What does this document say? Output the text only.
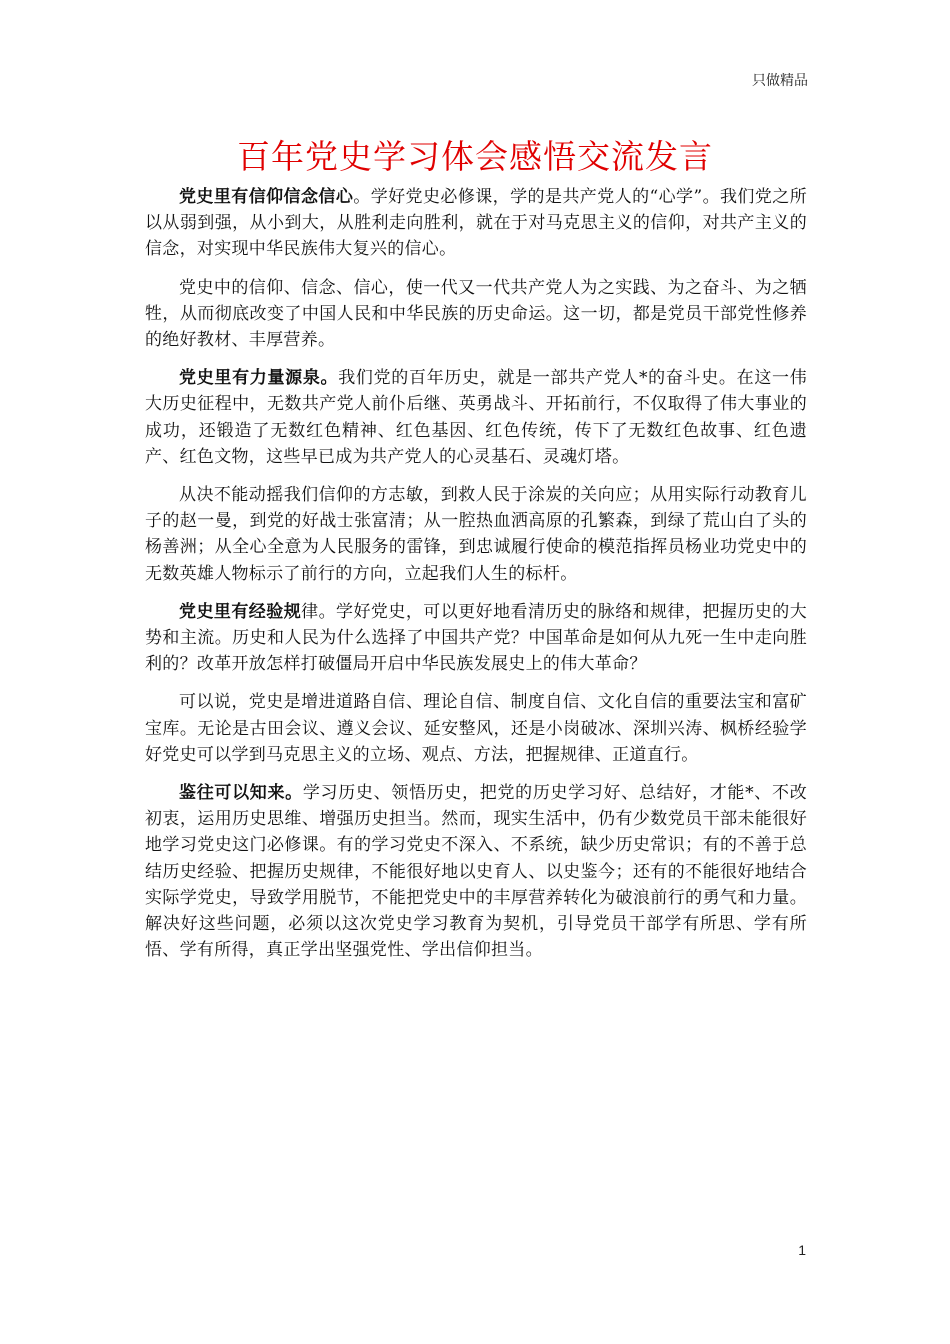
只做精品
百年党史学习体会感悟交流发言

党史里有信仰信念信心。学好党史必修课，学的是共产党人的“心学”。我们党之所以从弱到强，从小到大，从胜利走向胜利，就在于对马克思主义的信仰，对共产主义的信念，对实现中华民族伟大复兴的信心。

党史中的信仰、信念、信心，使一代又一代共产党人为之实践、为之奋斗、为之牺牲，从而彻底改变了中国人民和中华民族的历史命运。这一切，都是党员干部党性修养的绝好教材、丰厚营养。

党史里有力量源泉。我们党的百年历史，就是一部共产党人*的奋斗史。在这一伟大历史征程中，无数共产党人前仆后继、英勇战斗、开拓前行，不仅取得了伟大事业的成功，还锻造了无数红色精神、红色基因、红色传统，传下了无数红色故事、红色遗产、红色文物，这些早已成为共产党人的心灵基石、灵魂灯塔。

从决不能动摇我们信仰的方志敏，到救人民于涂炭的关向应；从用实际行动教育儿子的赵一曼，到党的好战士张富清；从一腔热血洒高原的孔繁森，到绿了荒山白了头的杨善洲；从全心全意为人民服务的雷锋，到忠诚履行使命的模范指挥员杨业功党史中的无数英雄人物标示了前行的方向，立起我们人生的标杆。

党史里有经验规律。学好党史，可以更好地看清历史的脉络和规律，把握历史的大势和主流。历史和人民为什么选择了中国共产党？中国革命是如何从九死一生中走向胜利的？改革开放怎样打破僵局开启中华民族发展史上的伟大革命？

可以说，党史是增进道路自信、理论自信、制度自信、文化自信的重要法宝和富矿宝库。无论是古田会议、遵义会议、延安整风，还是小岗破冰、深圳兴涛、枫桥经验学好党史可以学到马克思主义的立场、观点、方法，把握规律、正道直行。

鉴往可以知来。学习历史、领悟历史，把党的历史学习好、总结好，才能*、不改初衷，运用历史思维、增强历史担当。然而，现实生活中，仍有少数党员干部未能很好地学习党史这门必修课。有的学习党史不深入、不系统，缺少历史常识；有的不善于总结历史经验、把握历史规律，不能很好地以史育人、以史鉴今；还有的不能很好地结合实际学党史，导致学用脱节，不能把党史中的丰厚营养转化为破浪前行的勇气和力量。解决好这些问题，必须以这次党史学习教育为契机，引导党员干部学有所思、学有所悟、学有所得，真正学出坚强党性、学出信仰担当。

1
